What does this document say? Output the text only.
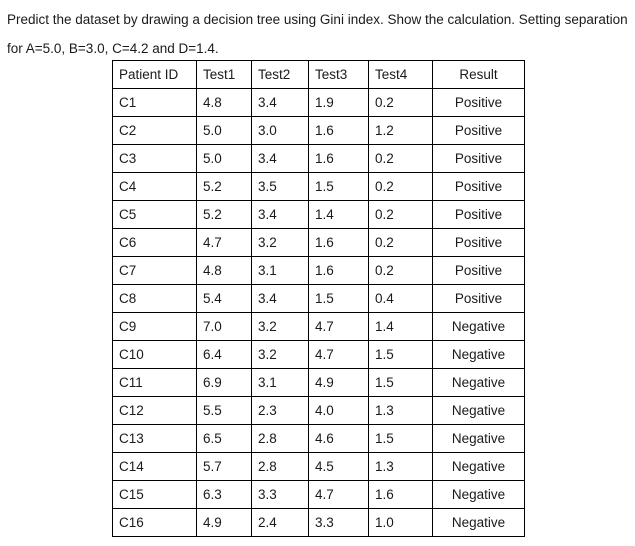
Predict the dataset by drawing a decision tree using Gini index. Show the calculation. Setting separation for A=5.0, B=3.0, C=4.2 and D=1.4.

Patient ID	Test1	Test2	Test3	Test4	Result
C1	4.8	3.4	1.9	0.2	Positive
C2	5.0	3.0	1.6	1.2	Positive
C3	5.0	3.4	1.6	0.2	Positive
C4	5.2	3.5	1.5	0.2	Positive
C5	5.2	3.4	1.4	0.2	Positive
C6	4.7	3.2	1.6	0.2	Positive
C7	4.8	3.1	1.6	0.2	Positive
C8	5.4	3.4	1.5	0.4	Positive
C9	7.0	3.2	4.7	1.4	Negative
C10	6.4	3.2	4.7	1.5	Negative
C11	6.9	3.1	4.9	1.5	Negative
C12	5.5	2.3	4.0	1.3	Negative
C13	6.5	2.8	4.6	1.5	Negative
C14	5.7	2.8	4.5	1.3	Negative
C15	6.3	3.3	4.7	1.6	Negative
C16	4.9	2.4	3.3	1.0	Negative
